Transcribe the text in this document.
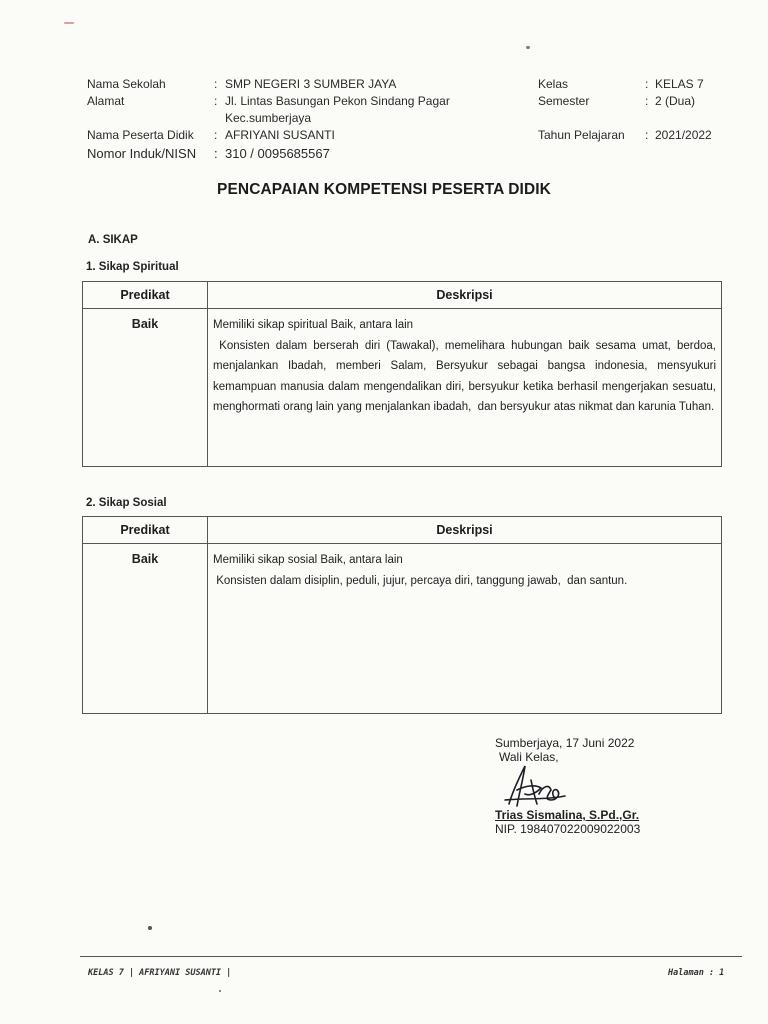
Nama Sekolah	: SMP NEGERI 3 SUMBER JAYA
Alamat	: Jl. Lintas Basungan Pekon Sindang Pagar
Kec.sumberjaya
Nama Peserta Didik : AFRIYANI SUSANTI
Nomor Induk/NISN : 310 / 0095685567
Kelas	: KELAS 7
Semester	: 2 (Dua)
Tahun Pelajaran : 2021/2022
PENCAPAIAN KOMPETENSI PESERTA DIDIK
A. SIKAP
1. Sikap Spiritual
Predikat	Deskripsi
Baik	Memiliki sikap spiritual Baik, antara lain
Konsisten dalam berserah diri (Tawakal), memelihara hubungan baik sesama umat, berdoa, menjalankan Ibadah, memberi Salam, Bersyukur sebagai bangsa indonesia, mensyukuri kemampuan manusia dalam mengendalikan diri, bersyukur ketika berhasil mengerjakan sesuatu, menghormati orang lain yang menjalankan ibadah,  dan bersyukur atas nikmat dan karunia Tuhan.
2. Sikap Sosial
Predikat	Deskripsi
Baik	Memiliki sikap sosial Baik, antara lain
Konsisten dalam disiplin, peduli, jujur, percaya diri, tanggung jawab,  dan santun.
Sumberjaya, 17 Juni 2022
Wali Kelas,
Trias Sismalina, S.Pd.,Gr.
NIP. 198407022009022003
KELAS 7 | AFRIYANI SUSANTI |	Halaman : 1
